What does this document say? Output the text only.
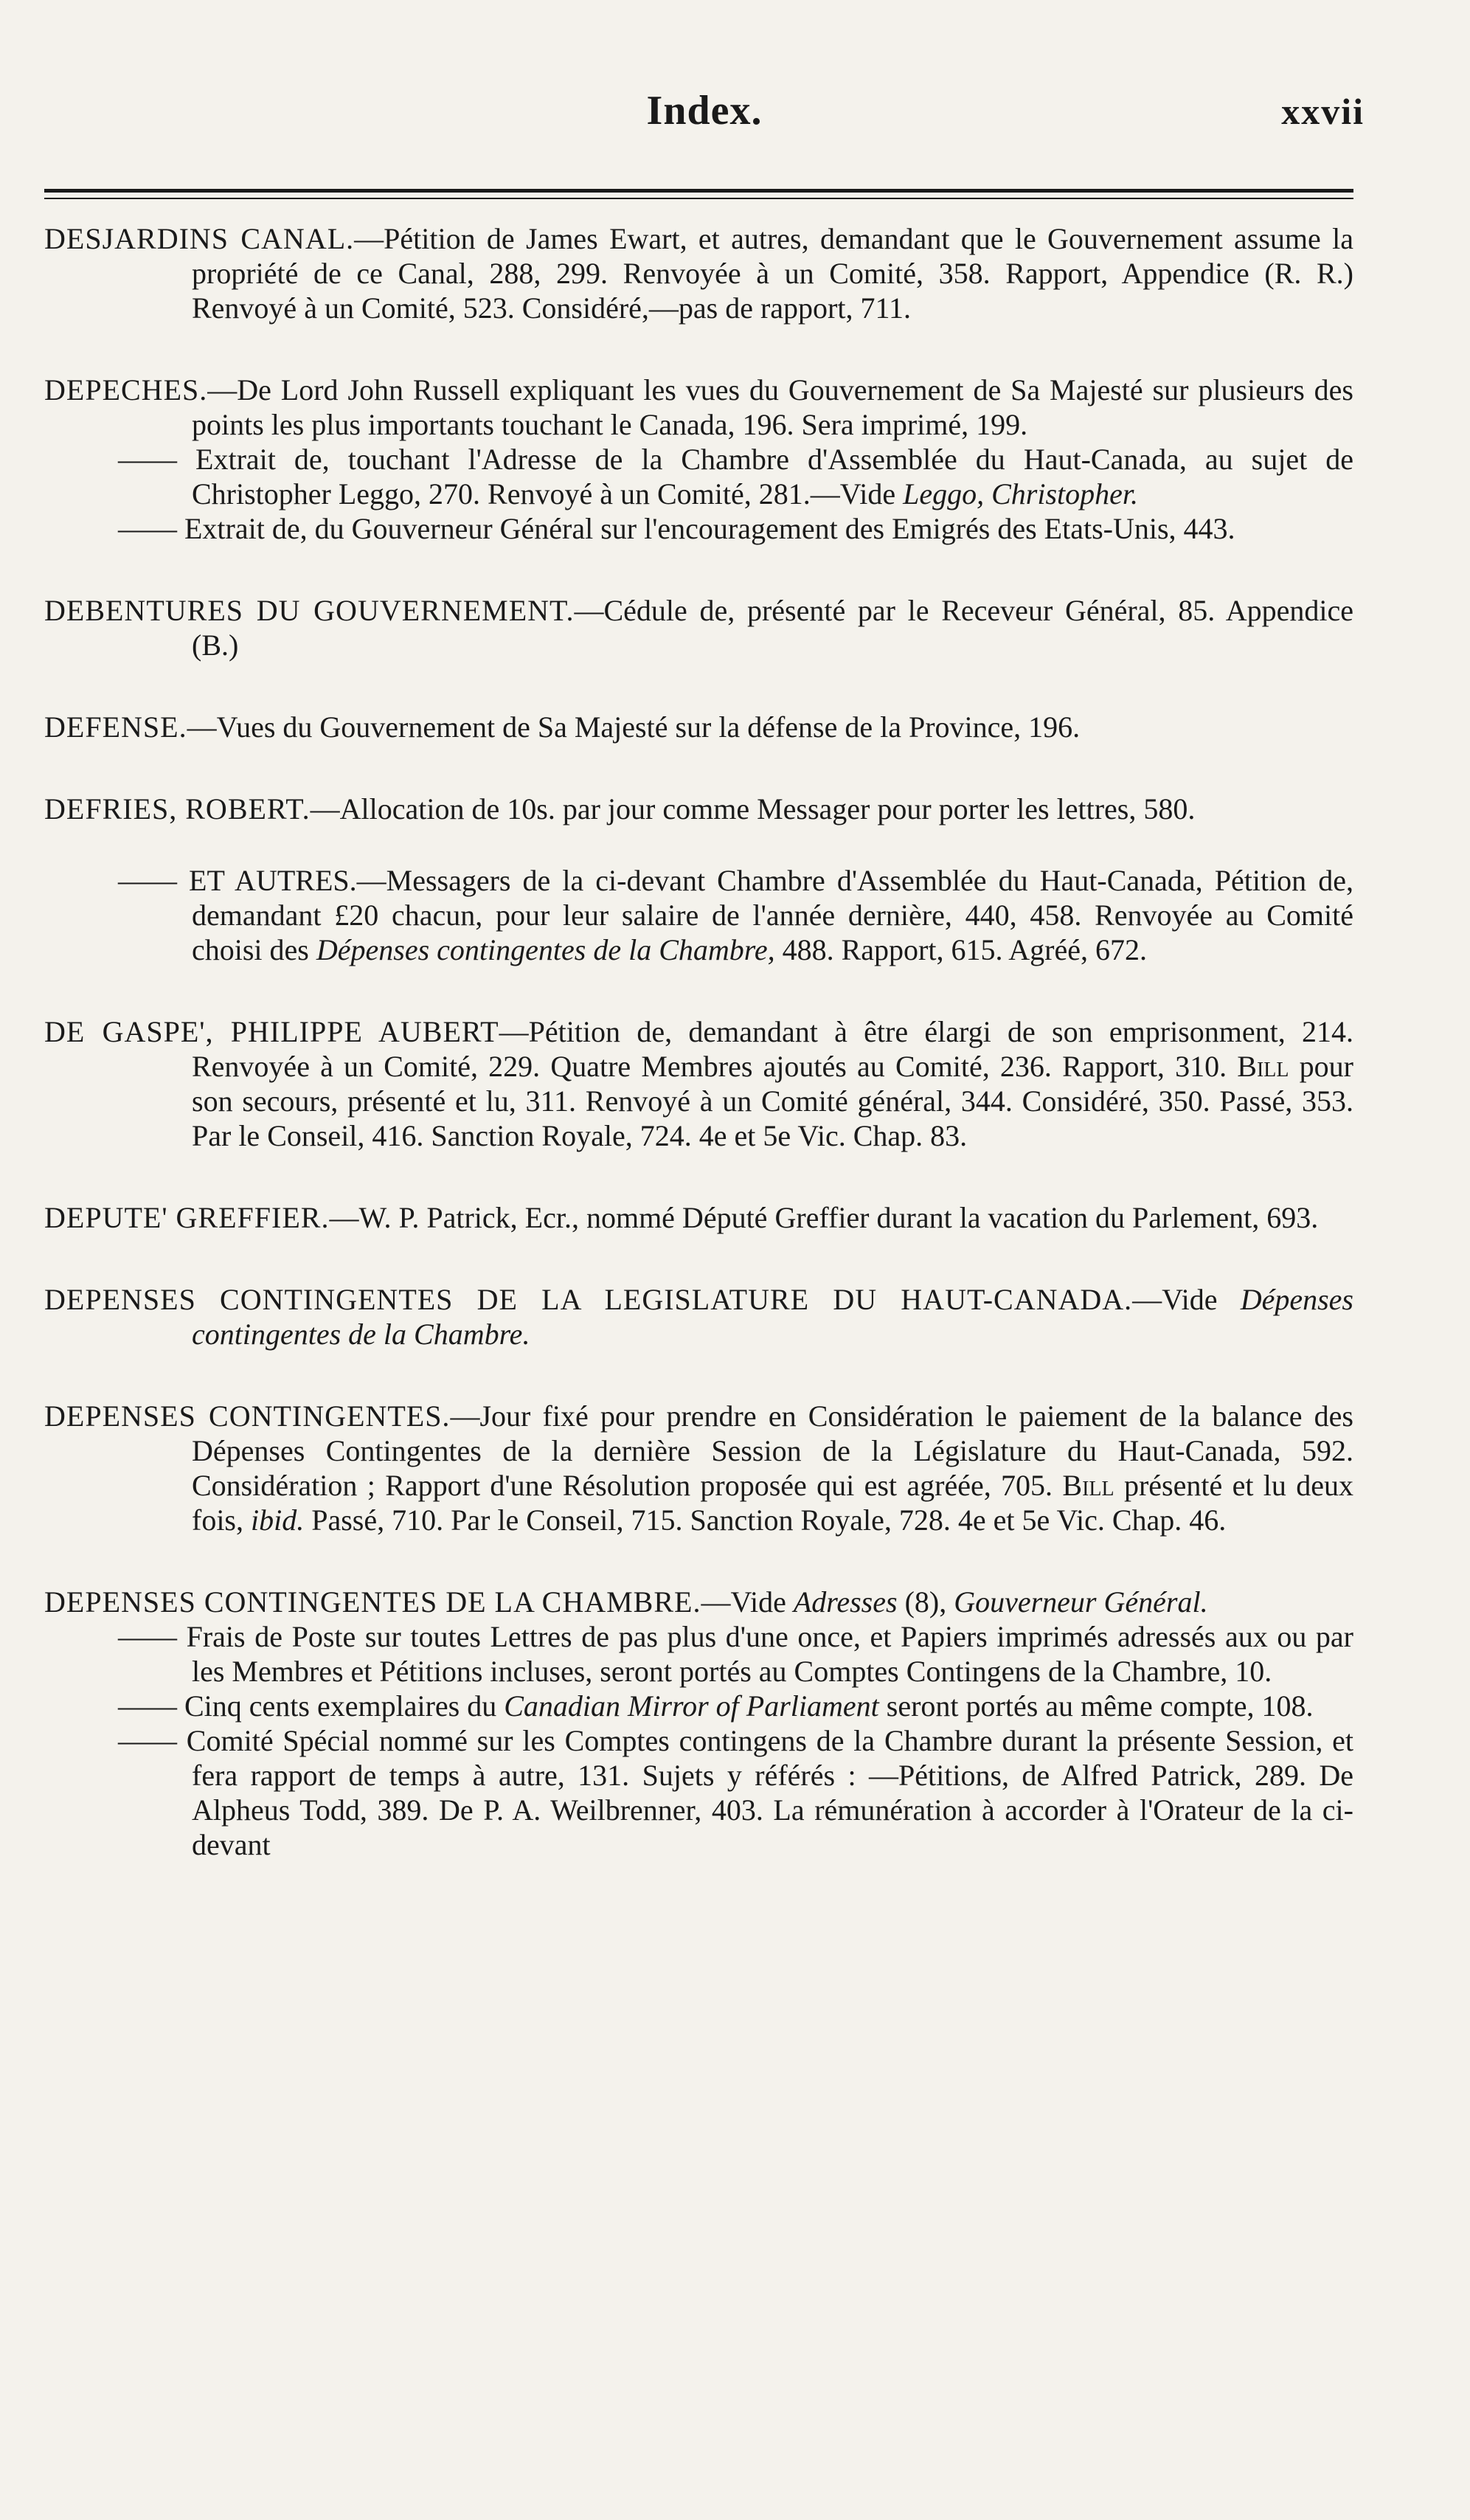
Index.	xxvii

DESJARDINS CANAL.—Pétition de James Ewart, et autres, demandant que le Gouvernement assume la propriété de ce Canal, 288, 299. Renvoyée à un Comité, 358. Rapport, Appendice (R. R.) Renvoyé à un Comité, 523. Considéré,—pas de rapport, 711.

DEPECHES.—De Lord John Russell expliquant les vues du Gouvernement de Sa Majesté sur plusieurs des points les plus importants touchant le Canada, 196. Sera imprimé, 199.

—— Extrait de, touchant l'Adresse de la Chambre d'Assemblée du Haut-Canada, au sujet de Christopher Leggo, 270. Renvoyé à un Comité, 281.—Vide Leggo, Christopher.

—— Extrait de, du Gouverneur Général sur l'encouragement des Emigrés des Etats-Unis, 443.

DEBENTURES DU GOUVERNEMENT.—Cédule de, présenté par le Receveur Général, 85. Appendice (B.)

DEFENSE.—Vues du Gouvernement de Sa Majesté sur la défense de la Province, 196.

DEFRIES, ROBERT.—Allocation de 10s. par jour comme Messager pour porter les lettres, 580.

—— ET AUTRES.—Messagers de la ci-devant Chambre d'Assemblée du Haut-Canada, Pétition de, demandant £20 chacun, pour leur salaire de l'année dernière, 440, 458. Renvoyée au Comité choisi des Dépenses contingentes de la Chambre, 488. Rapport, 615. Agréé, 672.

DE GASPE', PHILIPPE AUBERT—Pétition de, demandant à être élargi de son emprisonment, 214. Renvoyée à un Comité, 229. Quatre Membres ajoutés au Comité, 236. Rapport, 310. Bill pour son secours, présenté et lu, 311. Renvoyé à un Comité général, 344. Considéré, 350. Passé, 353. Par le Conseil, 416. Sanction Royale, 724. 4e et 5e Vic. Chap. 83.

DEPUTE' GREFFIER.—W. P. Patrick, Ecr., nommé Député Greffier durant la vacation du Parlement, 693.

DEPENSES CONTINGENTES DE LA LEGISLATURE DU HAUT-CANADA.—Vide Dépenses contingentes de la Chambre.

DEPENSES CONTINGENTES.—Jour fixé pour prendre en Considération le paiement de la balance des Dépenses Contingentes de la dernière Session de la Législature du Haut-Canada, 592. Considération ; Rapport d'une Résolution proposée qui est agréée, 705. Bill présenté et lu deux fois, ibid. Passé, 710. Par le Conseil, 715. Sanction Royale, 728. 4e et 5e Vic. Chap. 46.

DEPENSES CONTINGENTES DE LA CHAMBRE.—Vide Adresses (8), Gouverneur Général.

—— Frais de Poste sur toutes Lettres de pas plus d'une once, et Papiers imprimés adressés aux ou par les Membres et Pétitions incluses, seront portés au Comptes Contingens de la Chambre, 10.

—— Cinq cents exemplaires du Canadian Mirror of Parliament seront portés au même compte, 108.

—— Comité Spécial nommé sur les Comptes contingens de la Chambre durant la présente Session, et fera rapport de temps à autre, 131. Sujets y référés : —Pétitions, de Alfred Patrick, 289. De Alpheus Todd, 389. De P. A. Weilbrenner, 403. La rémunération à accorder à l'Orateur de la ci-devant
